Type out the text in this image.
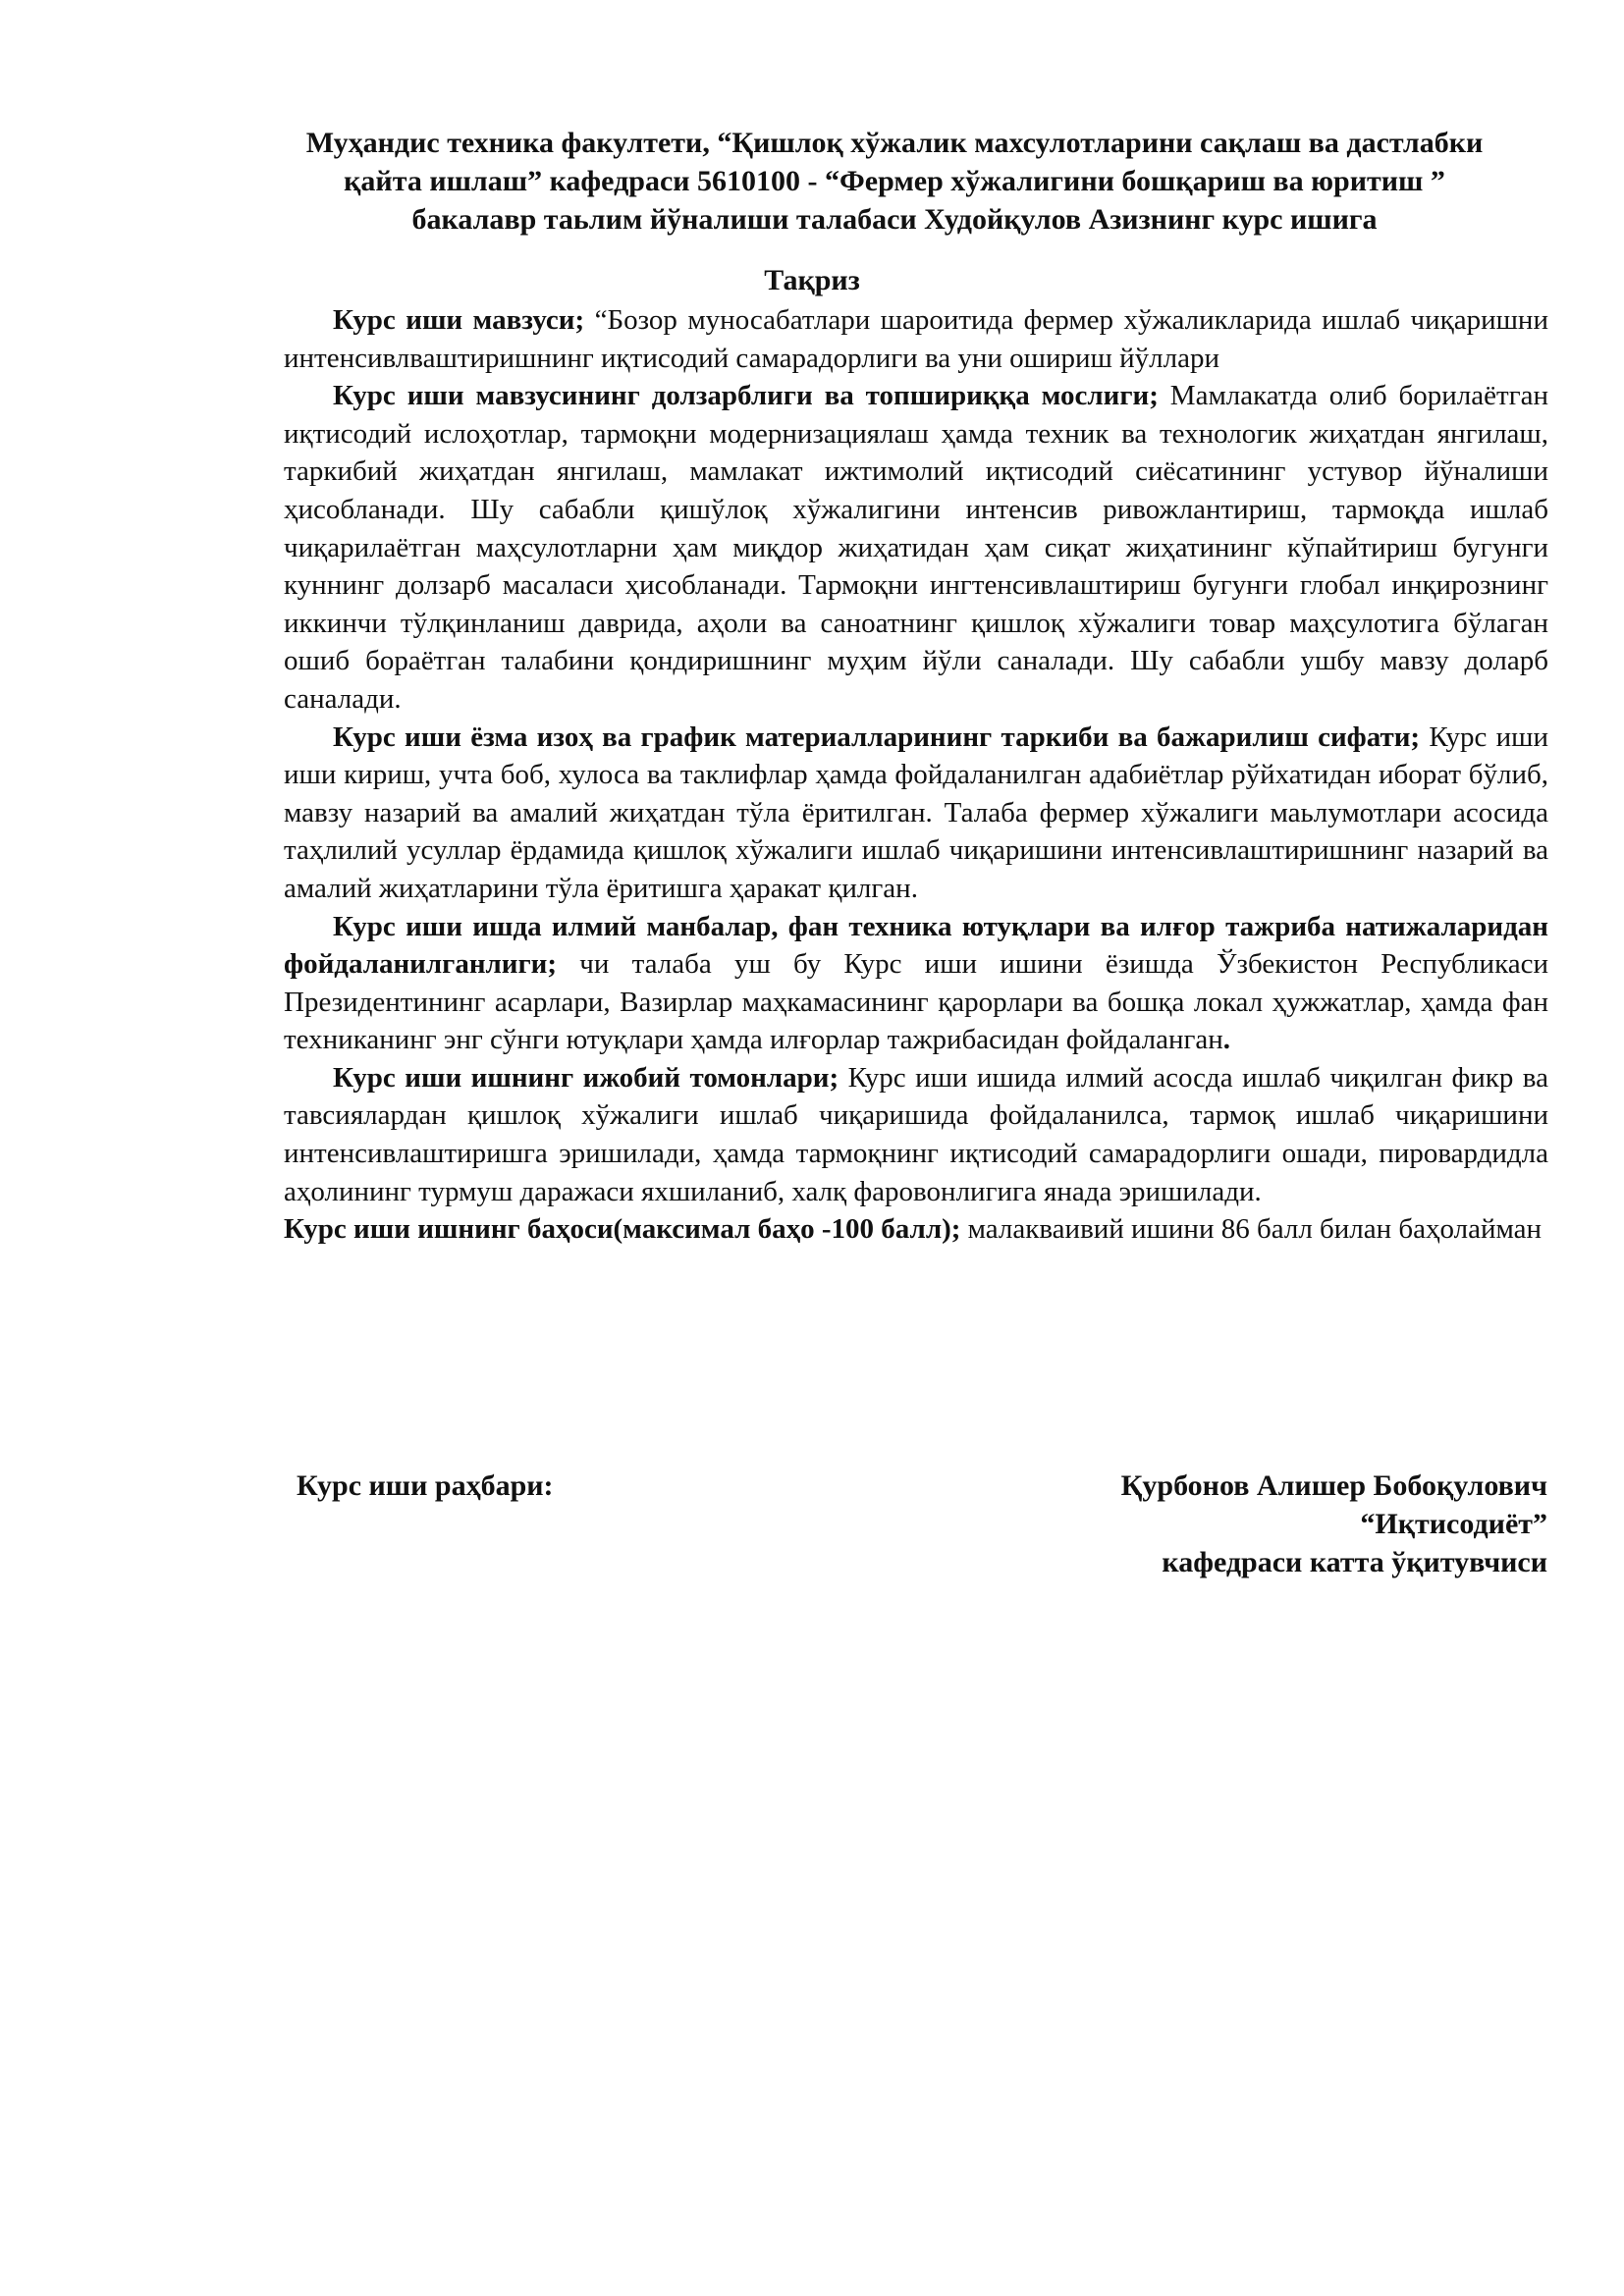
Муҳандис техника факултети, “Қишлоқ хўжалик махсулотларини сақлаш ва дастлабки
қайта ишлаш” кафедраси 5610100 - “Фермер хўжалигини бошқариш ва юритиш ”
бакалавр таьлим йўналиши талабаси Худойқулов Азизнинг курс ишига
Тақриз

Курс иши мавзуси; “Бозор муносабатлари шароитида фермер хўжаликларида ишлаб чиқаришни интенсивлваштиришнинг иқтисодий самарадорлиги ва уни ошириш йўллари

Курс иши мавзусининг долзарблиги ва топшириққа мослиги; Мамлакатда олиб борилаётган иқтисодий ислоҳотлар, тармоқни модернизациялаш ҳамда техник ва технологик жиҳатдан янгилаш, таркибий жиҳатдан янгилаш, мамлакат ижтимолий иқтисодий сиёсатининг устувор йўналиши ҳисобланади. Шу сабабли қишўлоқ хўжалигини интенсив ривожлантириш, тармоқда ишлаб чиқарилаётган маҳсулотларни ҳам миқдор жиҳатидан ҳам сиқат жиҳатининг кўпайтириш бугунги куннинг долзарб масаласи ҳисобланади. Тармоқни ингтенсивлаштириш бугунги глобал инқирознинг иккинчи тўлқинланиш даврида, аҳоли ва саноатнинг қишлоқ хўжалиги товар маҳсулотига бўлаган ошиб бораётган талабини қондиришнинг муҳим йўли саналади. Шу сабабли ушбу мавзу доларб саналади.

Курс иши ёзма изоҳ ва график материалларининг таркиби ва бажарилиш сифати; Курс иши иши кириш, учта боб, хулоса ва таклифлар ҳамда фойдаланилган адабиётлар рўйхатидан иборат бўлиб, мавзу назарий ва амалий жиҳатдан тўла ёритилган. Талаба фермер хўжалиги маьлумотлари асосида таҳлилий усуллар ёрдамида қишлоқ хўжалиги ишлаб чиқаришини интенсивлаштиришнинг назарий ва амалий жиҳатларини тўла ёритишга ҳаракат қилган.

Курс иши ишда илмий манбалар, фан техника ютуқлари ва илғор тажриба натижаларидан фойдаланилганлиги; чи талаба уш бу Курс иши ишини ёзишда Ўзбекистон Республикаси Президентининг асарлари, Вазирлар маҳкамасининг қарорлари ва бошқа локал ҳужжатлар, ҳамда фан техниканинг энг сўнги ютуқлари ҳамда илғорлар тажрибасидан фойдаланган.

Курс иши ишнинг ижобий томонлари; Курс иши ишида илмий асосда ишлаб чиқилган фикр ва тавсиялардан қишлоқ хўжалиги ишлаб чиқаришида фойдаланилса, тармоқ ишлаб чиқаришини интенсивлаштиришга эришилади, ҳамда тармоқнинг иқтисодий самарадорлиги ошади, пировардидла аҳолининг турмуш даражаси яхшиланиб, халқ фаровонлигига янада эришилади.

Курс иши ишнинг баҳоси(максимал баҳо -100 балл); малакваивий ишини 86 балл билан баҳолайман

Курс иши раҳбари:	Қурбонов Алишер Бобоқулович
“Иқтисодиёт”
кафедраси катта ўқитувчиси
